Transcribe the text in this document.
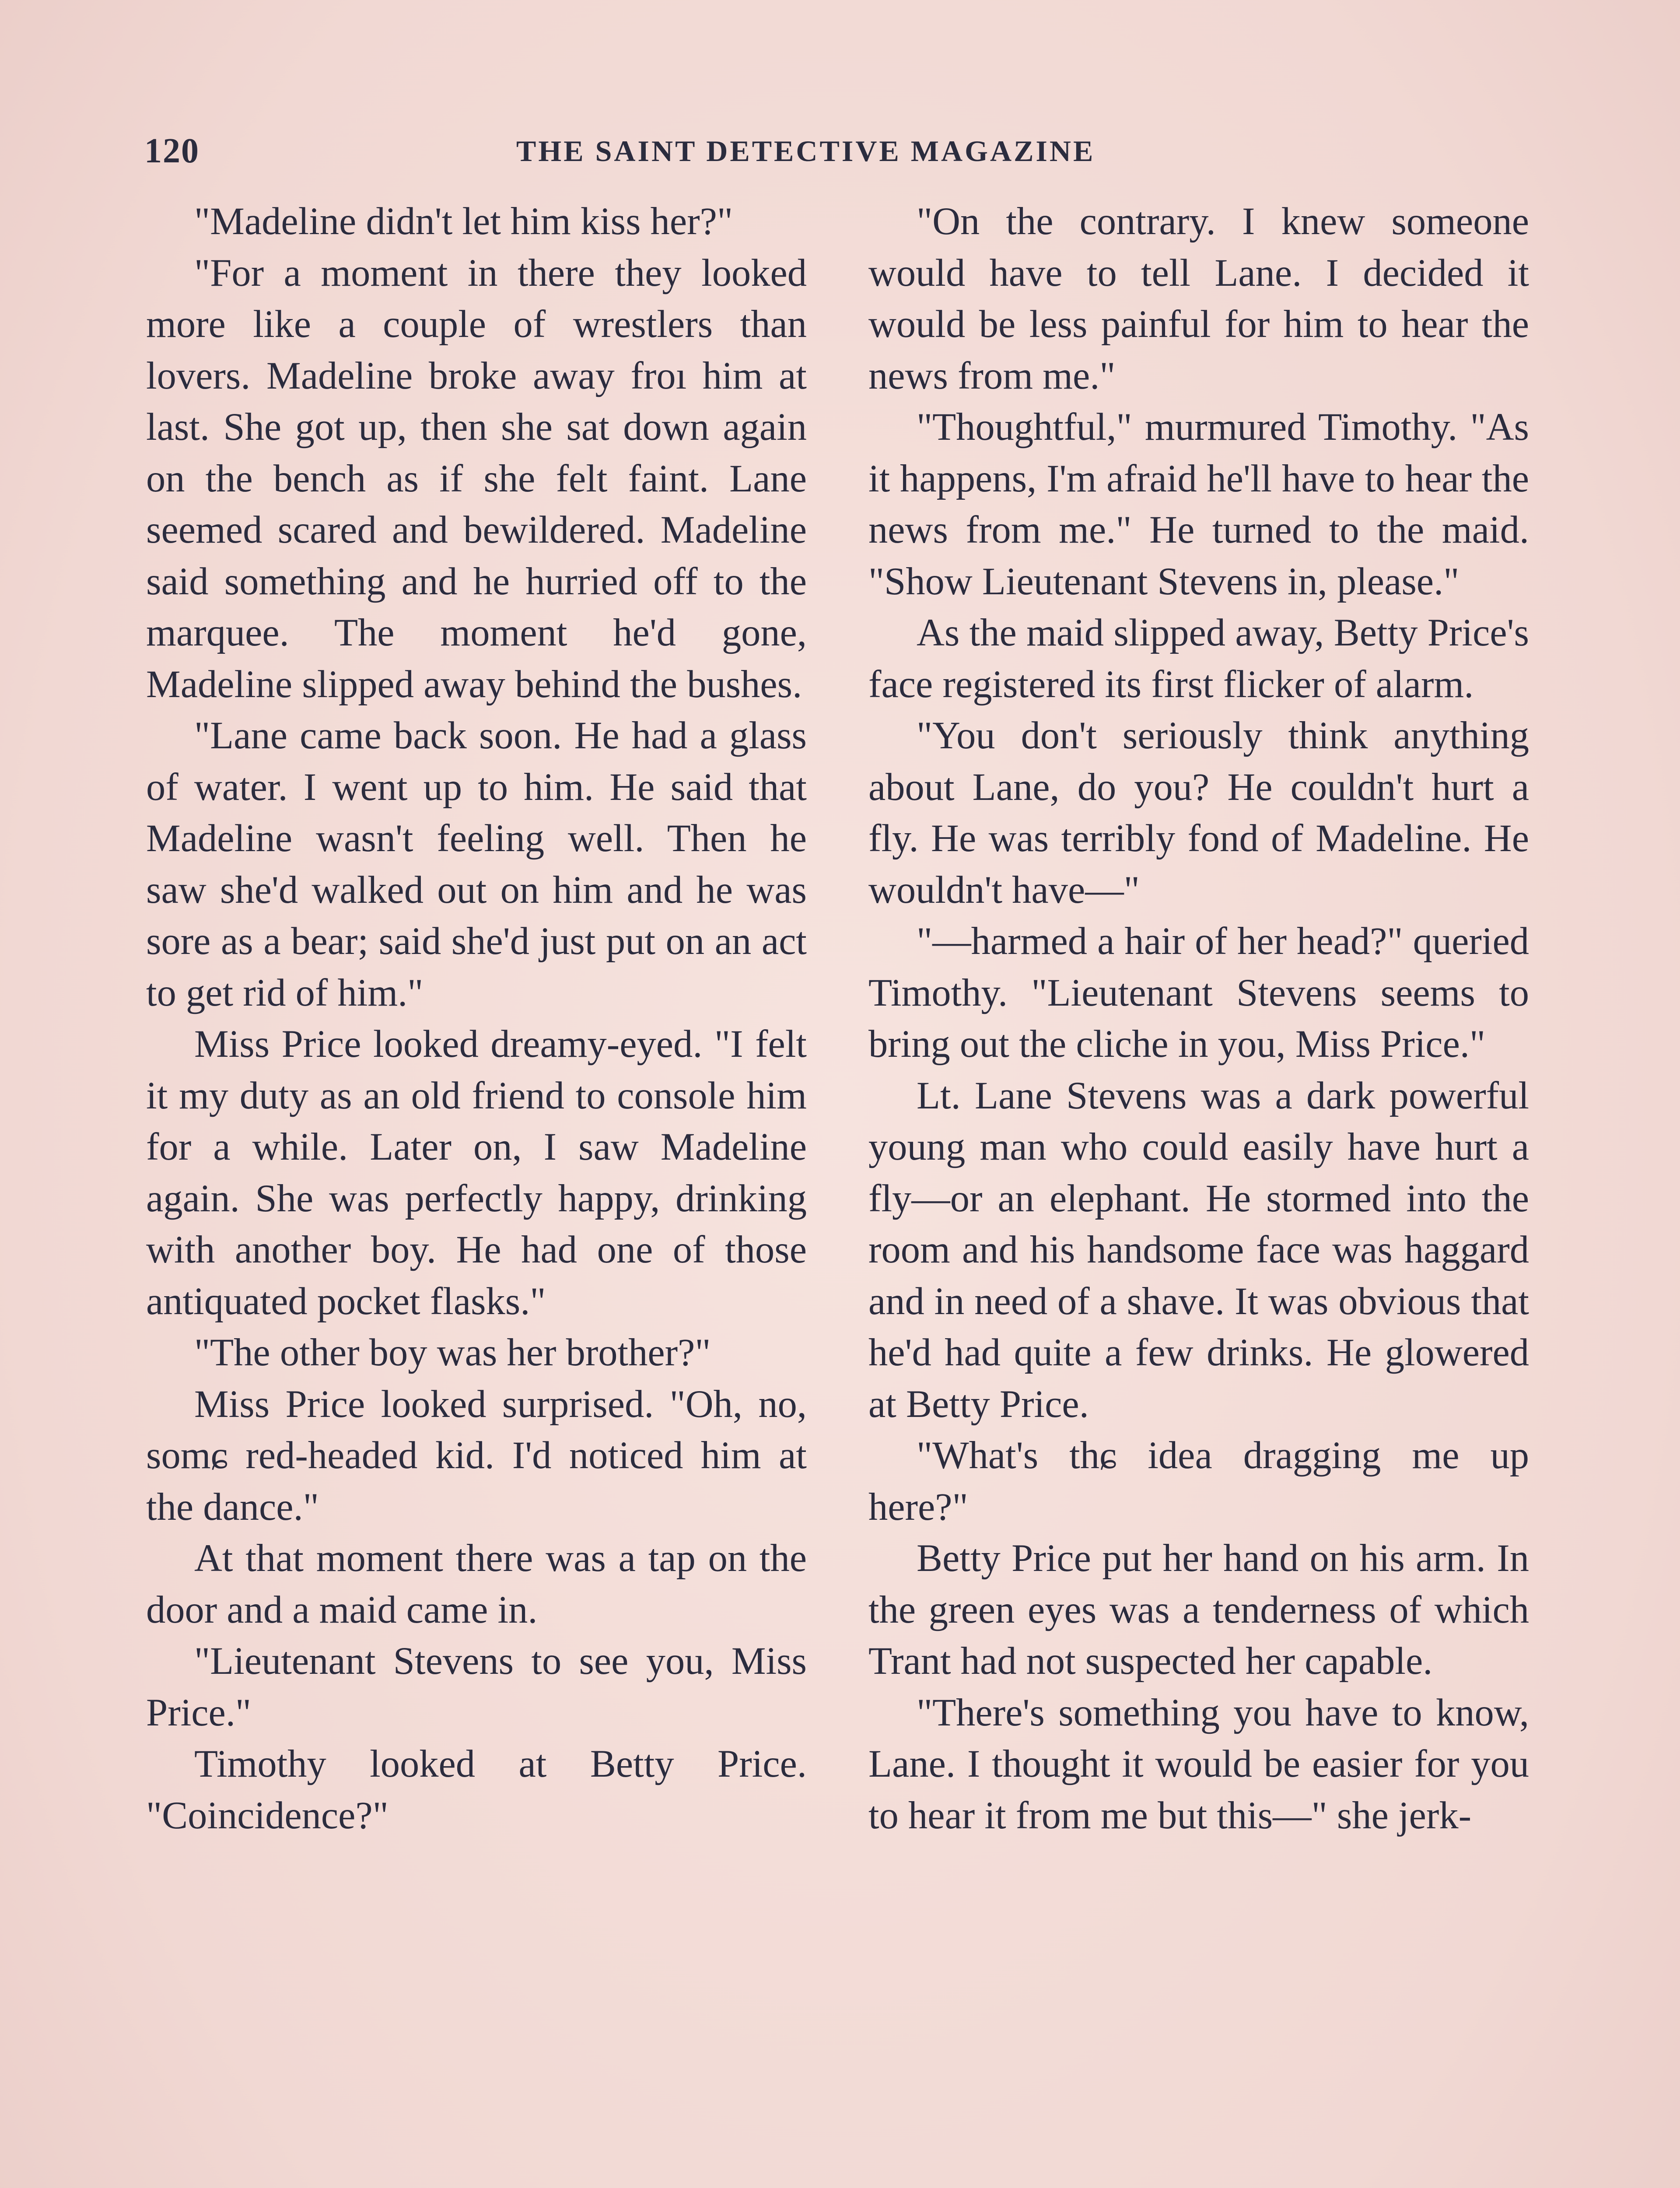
120	THE SAINT DETECTIVE MAGAZINE

"Madeline didn't let him kiss her?"

"For a moment in there they looked more like a couple of wrestlers than lovers. Madeline broke away froı him at last. She got up, then she sat down again on the bench as if she felt faint. Lane seemed scared and bewildered. Madeline said something and he hurried off to the marquee. The moment he'd gone, Madeline slipped away behind the bushes.

"Lane came back soon. He had a glass of water. I went up to him. He said that Madeline wasn't feeling well. Then he saw she'd walked out on him and he was sore as a bear; said she'd just put on an act to get rid of him."

Miss Price looked dreamy-eyed. "I felt it my duty as an old friend to console him for a while. Later on, I saw Madeline again. She was perfectly happy, drinking with another boy. He had one of those antiquated pocket flasks."

"The other boy was her brother?"

Miss Price looked surprised. "Oh, no, somɕ red-headed kid. I'd noticed him at the dance."

At that moment there was a tap on the door and a maid came in.

"Lieutenant Stevens to see you, Miss Price."

Timothy looked at Betty Price. "Coincidence?"

"On the contrary. I knew someone would have to tell Lane. I decided it would be less painful for him to hear the news from me."

"Thoughtful," murmured Timothy. "As it happens, I'm afraid he'll have to hear the news from me." He turned to the maid. "Show Lieutenant Stevens in, please."

As the maid slipped away, Betty Price's face registered its first flicker of alarm.

"You don't seriously think anything about Lane, do you? He couldn't hurt a fly. He was terribly fond of Madeline. He wouldn't have—"

"—harmed a hair of her head?" queried Timothy. "Lieutenant Stevens seems to bring out the cliche in you, Miss Price."

Lt. Lane Stevens was a dark powerful young man who could easily have hurt a fly—or an elephant. He stormed into the room and his handsome face was haggard and in need of a shave. It was obvious that he'd had quite a few drinks. He glowered at Betty Price.

"What's thɕ idea dragging me up here?"

Betty Price put her hand on his arm. In the green eyes was a tenderness of which Trant had not suspected her capable.

"There's something you have to know, Lane. I thought it would be easier for you to hear it from me but this—" she jerk-
